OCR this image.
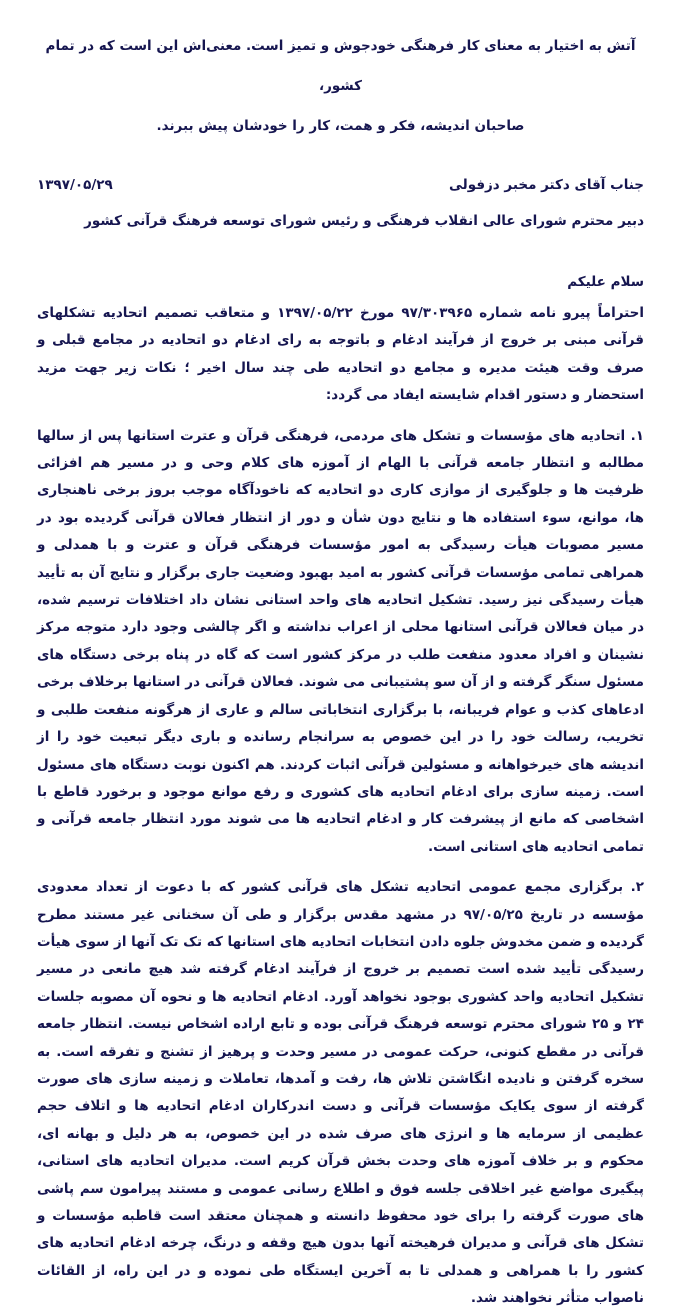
آتش به اختیار به معنای کار فرهنگی خودجوش و تمیز است. معنی‌اش این است که در تمام کشور،

صاحبان اندیشه، فکر و همت، کار را خودشان پیش ببرند.

جناب آقای دکتر مخبر دزفولی
۱۳۹۷/۰۵/۲۹
دبیر محترم شورای عالی انقلاب فرهنگی و رئیس شورای توسعه فرهنگ قرآنی کشور
سلام علیکم

احتراماً پیرو نامه شماره ۹۷/۳۰۳۹۶۵ مورخ ۱۳۹۷/۰۵/۲۲ و متعاقب تصمیم اتحادیه تشکلهای قرآنی مبنی بر خروج از فرآیند ادغام و باتوجه به رای ادغام دو اتحادیه در مجامع قبلی و صرف وقت هیئت مدیره و مجامع دو اتحادیه طی چند سال اخیر ؛ نکات زیر جهت مزید استحضار و دستور اقدام شایسته ایفاد می گردد:

۱. اتحادیه های مؤسسات و تشکل های مردمی، فرهنگی قرآن و عترت استانها پس از سالها مطالبه و انتظار جامعه قرآنی با الهام از آموزه های کلام وحی و در مسیر هم افزائی ظرفیت ها و جلوگیری از موازی کاری دو اتحادیه که ناخودآگاه موجب بروز برخی ناهنجاری ها، موانع، سوء استفاده ها و نتایج دون شأن و دور از انتظار فعالان قرآنی گردیده بود در مسیر مصوبات هیأت رسیدگی به امور مؤسسات فرهنگی قرآن و عترت و با همدلی و همراهی تمامی مؤسسات قرآنی کشور به امید بهبود وضعیت جاری برگزار و نتایج آن به تأیید هیأت رسیدگی نیز رسید. تشکیل اتحادیه های واحد استانی نشان داد اختلافات ترسیم شده، در میان فعالان قرآنی استانها محلی از اعراب نداشته و اگر چالشی وجود دارد متوجه مرکز نشینان و افراد معدود منفعت طلب در مرکز کشور است که گاه در پناه برخی دستگاه های مسئول سنگر گرفته و از آن سو پشتیبانی می شوند. فعالان قرآنی در استانها برخلاف برخی ادعاهای کذب و عوام فریبانه، با برگزاری انتخاباتی سالم و عاری از هرگونه منفعت طلبی و تخریب، رسالت خود را در این خصوص به سرانجام رسانده و باری دیگر تبعیت خود را از اندیشه های خیرخواهانه و مسئولین قرآنی اثبات کردند. هم اکنون نوبت دستگاه های مسئول است. زمینه سازی برای ادغام اتحادیه های کشوری و رفع موانع موجود و برخورد قاطع با اشخاصی که مانع از پیشرفت کار و ادغام اتحادیه ها می شوند مورد انتظار جامعه قرآنی و تمامی اتحادیه های استانی است.

۲. برگزاری مجمع عمومی اتحادیه تشکل های قرآنی کشور که با دعوت از تعداد معدودی مؤسسه در تاریخ ۹۷/۰۵/۲۵ در مشهد مقدس برگزار و طی آن سخنانی غیر مستند مطرح گردیده و ضمن مخدوش جلوه دادن انتخابات اتحادیه های استانها که تک تک آنها از سوی هیأت رسیدگی تأیید شده است تصمیم بر خروج از فرآیند ادغام گرفته شد هیچ مانعی در مسیر تشکیل اتحادیه واحد کشوری بوجود نخواهد آورد. ادغام اتحادیه ها و نحوه آن مصوبه جلسات ۲۴ و ۲۵ شورای محترم توسعه فرهنگ قرآنی بوده و تابع اراده اشخاص نیست. انتظار جامعه قرآنی در مقطع کنونی، حرکت عمومی در مسیر وحدت و پرهیز از تشنج و تفرقه است. به سخره گرفتن و نادیده انگاشتن تلاش ها، رفت و آمدها، تعاملات و زمینه سازی های صورت گرفته از سوی یکایک مؤسسات قرآنی و دست اندرکاران ادغام اتحادیه ها و اتلاف حجم عظیمی از سرمایه ها و انرژی های صرف شده در این خصوص، به هر دلیل و بهانه ای، محکوم و بر خلاف آموزه های وحدت بخش قرآن کریم است. مدیران اتحادیه های استانی، پیگیری مواضع غیر اخلاقی جلسه فوق و اطلاع رسانی عمومی و مستند پیرامون سم پاشی های صورت گرفته را برای خود محفوظ دانسته و همچنان معتقد است قاطبه مؤسسات و تشکل های قرآنی و مدیران فرهیخته آنها بدون هیچ وقفه و درنگ، چرخه ادغام اتحادیه های کشور را با همراهی و همدلی تا به آخرین ایستگاه طی نموده و در این راه، از القائات ناصواب متأثر نخواهند شد.
